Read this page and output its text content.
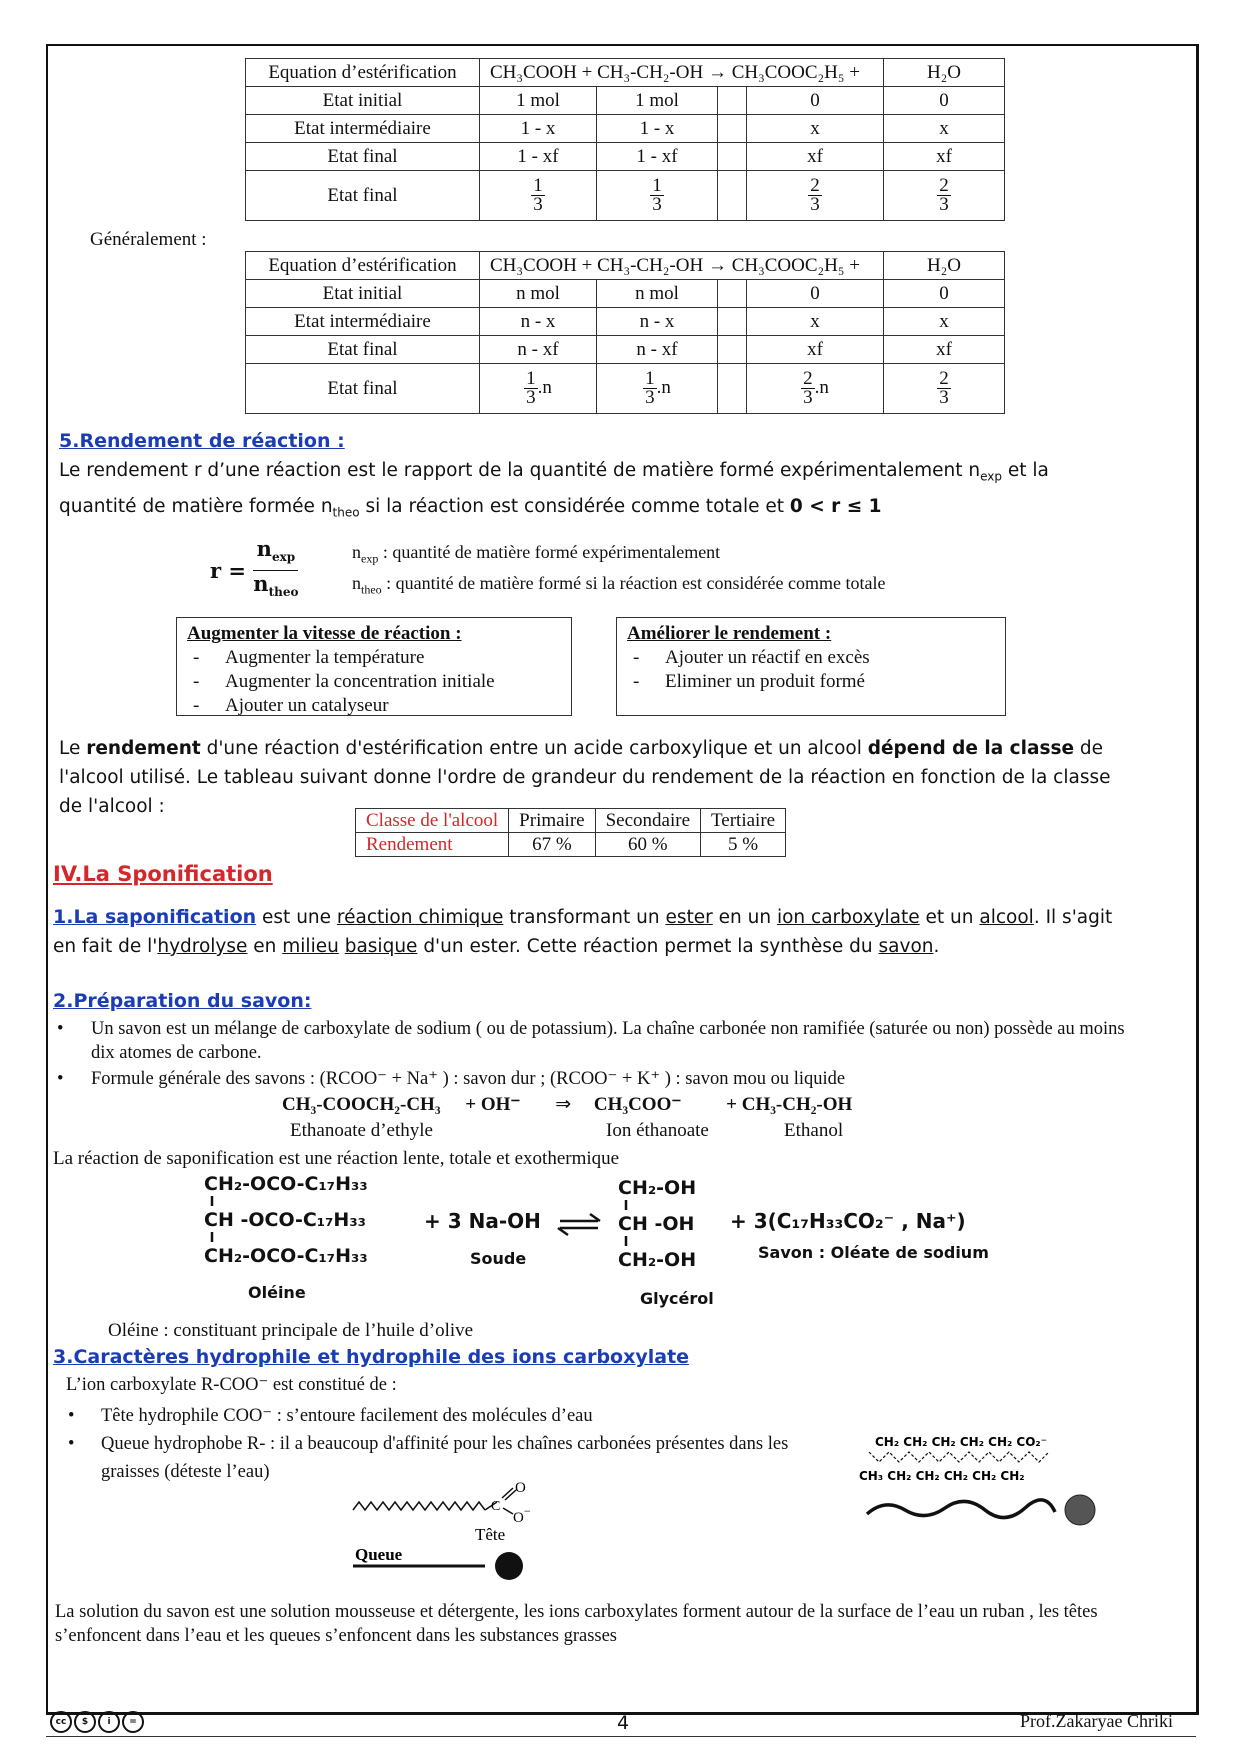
Equation d’estérification	CH₃COOH + CH₃-CH₂-OH → CH₃COOC₂H₅ +				H₂O
Etat initial	1 mol	1 mol		0	0
Etat intermédiaire	1 - x	1 - x		x	x
Etat final	1 - xf	1 - xf		xf	xf
Etat final	$\frac{1}{3}$	$\frac{1}{3}$		$\frac{2}{3}$	$\frac{2}{3}$
Généralement :
Equation d’estérification	CH₃COOH + CH₃-CH₂-OH → CH₃COOC₂H₅ +				H₂O
Etat initial	n mol	n mol		0	0
Etat intermédiaire	n - x	n - x		x	x
Etat final	n - xf	n - xf		xf	xf
Etat final	$\frac{1}{3} .n$	$\frac{1}{3} .n$		$\frac{2}{3} .n$	$\frac{2}{3}$
5.Rendement de réaction :
Le rendement r d’une réaction est le rapport de la quantité de matière formé expérimentalement $n_{exp}$ et la
quantité de matière formée $n_{theo}$ si la réaction est considérée comme totale et 0 < r ≤ 1
$r = \frac{n_{exp}}{n_{theo}}$	$n_{exp}$ : quantité de matière formé expérimentalement
$n_{theo}$ : quantité de matière formé si la réaction est considérée comme totale
Augmenter la vitesse de réaction :
- Augmenter la température
- Augmenter la concentration initiale
- Ajouter un catalyseur
Améliorer le rendement :
- Ajouter un réactif en excès
- Eliminer un produit formé
Le rendement d'une réaction d'estérification entre un acide carboxylique et un alcool dépend de la classe de l'alcool utilisé. Le tableau suivant donne l'ordre de grandeur du rendement de la réaction en fonction de la classe de l'alcool :
Classe de l'alcool	Primaire	Secondaire	Tertiaire
Rendement	67 %	60 %	5 %
IV.La Sponification
1.La saponification est une réaction chimique transformant un ester en un ion carboxylate et un alcool. Il s'agit en fait de l'hydrolyse en milieu basique d'un ester. Cette réaction permet la synthèse du savon.
2.Préparation du savon:
• Un savon est un mélange de carboxylate de sodium ( ou de potassium). La chaîne carbonée non ramifiée (saturée ou non) possède au moins dix atomes de carbone.
• Formule générale des savons : (RCOO⁻ + Na⁺ ) : savon dur ; (RCOO⁻ + K⁺ ) : savon mou ou liquide
CH₃-COOCH₂-CH₃ + OH⁻ ⇒ CH₃COO⁻ + CH₃-CH₂-OH
Ethanoate d’ethyle	Ion éthanoate	Ethanol
La réaction de saponification est une réaction lente, totale et exothermique
CH₂-OCO-C₁₇H₃₃
CH -OCO-C₁₇H₃₃
CH₂-OCO-C₁₇H₃₃
Oléine
+ 3 Na-OH
Soude
CH₂-OH
CH -OH
CH₂-OH
Glycérol
+ 3(C₁₇H₃₃CO₂⁻ , Na⁺)
Savon : Oléate de sodium
Oléine : constituant principale de l’huile d’olive
3.Caractères hydrophile et hydrophile des ions carboxylate
L’ion carboxylate R-COO⁻ est constitué de :
• Tête hydrophile COO⁻ : s’entoure facilement des molécules d’eau
• Queue hydrophobe R- : il a beaucoup d'affinité pour les chaînes carbonées présentes dans les graisses (déteste l’eau)
C
O
O−
Queue
Tête
CH₂ CH₂ CH₂ CH₂ CH₂ CO₂⁻
CH₃ CH₂ CH₂ CH₂ CH₂ CH₂
La solution du savon est une solution mousseuse et détergente, les ions carboxylates forment autour de la surface de l’eau un ruban , les têtes s’enfoncent dans l’eau et les queues s’enfoncent dans les substances grasses
cc	$	i	=	4	Prof.Zakaryae Chriki
